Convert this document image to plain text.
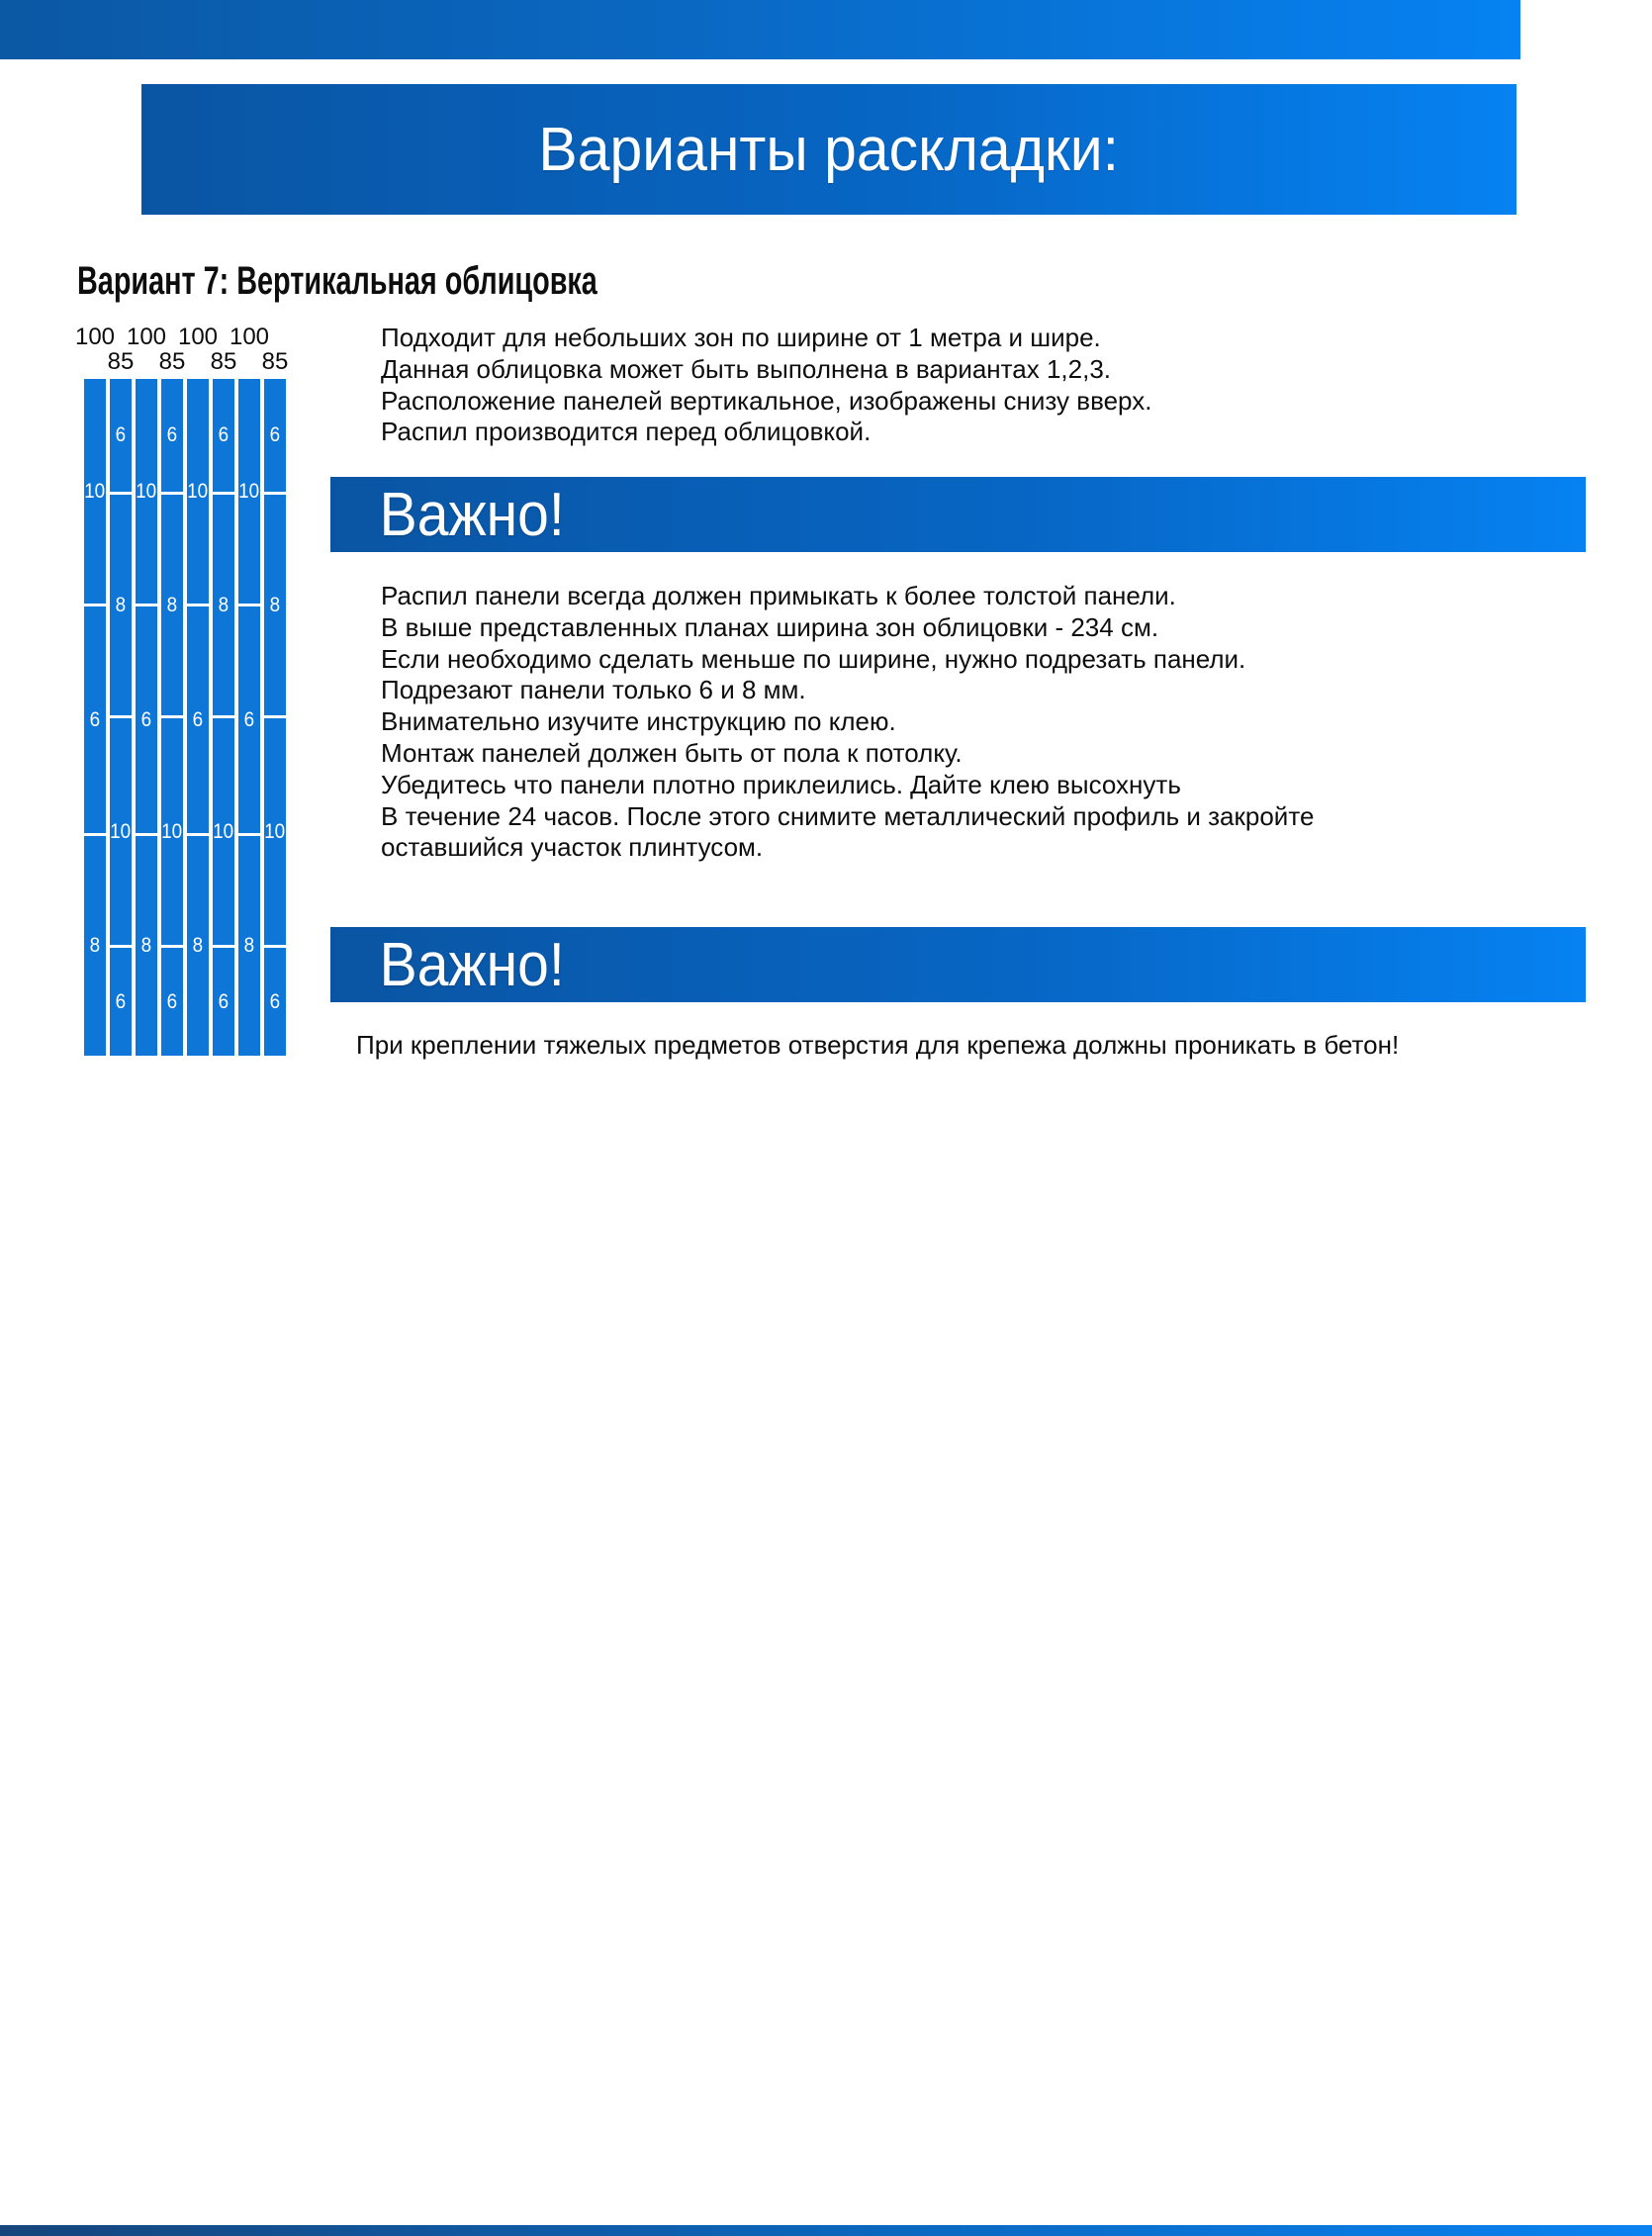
Варианты раскладки:
Вариант 7: Вертикальная облицовка
100
10
6
8
85
6
8
10
6
100
10
6
8
85
6
8
10
6
100
10
6
8
85
6
8
10
6
100
10
6
8
85
6
8
10
6
Подходит для небольших зон по ширине от 1 метра и шире.
Данная облицовка может быть выполнена в вариантах 1,2,3.
Расположение панелей вертикальное, изображены снизу вверх.
Распил производится перед облицовкой.
Важно!
Распил панели всегда должен примыкать к более толстой панели.
В выше представленных планах ширина зон облицовки - 234 см.
Если необходимо сделать меньше по ширине, нужно подрезать панели.
Подрезают панели только 6 и 8 мм.
Внимательно изучите инструкцию по клею.
Монтаж панелей должен быть от пола к потолку.
Убедитесь что панели плотно приклеились. Дайте клею высохнуть
В течение 24 часов. После этого снимите металлический профиль и закройте
оставшийся участок плинтусом.
Важно!
При креплении тяжелых предметов отверстия для крепежа должны проникать в бетон!
